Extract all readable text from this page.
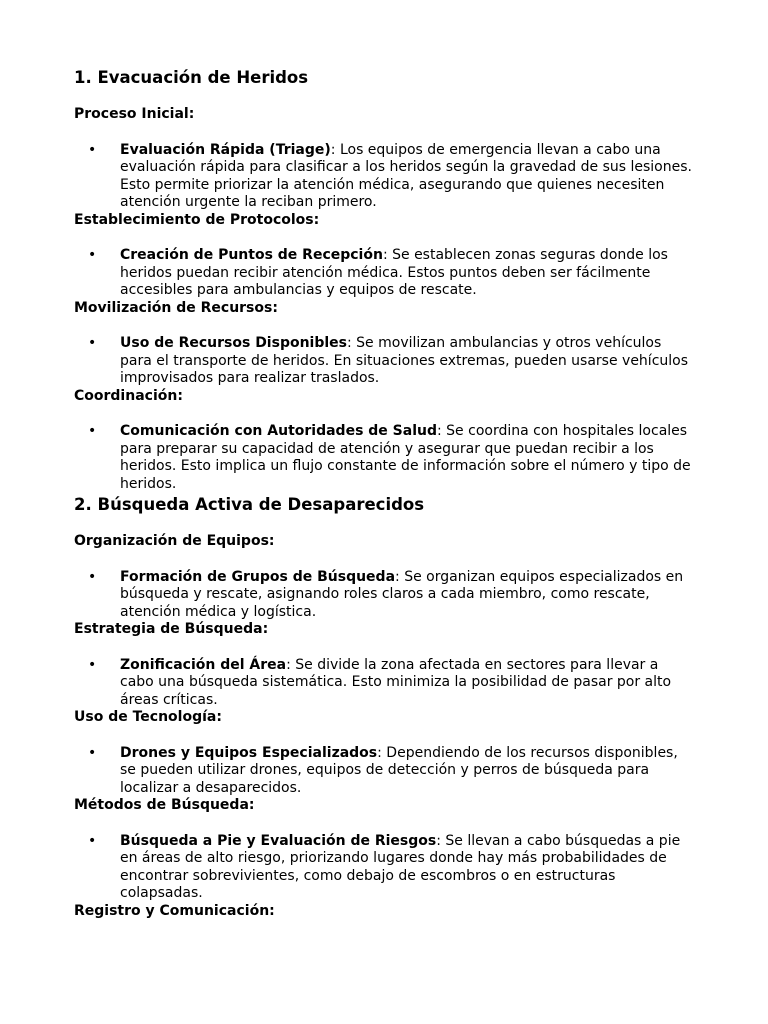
1. Evacuación de Heridos
Proceso Inicial:
• Evaluación Rápida (Triage): Los equipos de emergencia llevan a cabo una evaluación rápida para clasificar a los heridos según la gravedad de sus lesiones. Esto permite priorizar la atención médica, asegurando que quienes necesiten atención urgente la reciban primero.
Establecimiento de Protocolos:
• Creación de Puntos de Recepción: Se establecen zonas seguras donde los heridos puedan recibir atención médica. Estos puntos deben ser fácilmente accesibles para ambulancias y equipos de rescate.
Movilización de Recursos:
• Uso de Recursos Disponibles: Se movilizan ambulancias y otros vehículos para el transporte de heridos. En situaciones extremas, pueden usarse vehículos improvisados para realizar traslados.
Coordinación:
• Comunicación con Autoridades de Salud: Se coordina con hospitales locales para preparar su capacidad de atención y asegurar que puedan recibir a los heridos. Esto implica un flujo constante de información sobre el número y tipo de heridos.
2. Búsqueda Activa de Desaparecidos
Organización de Equipos:
• Formación de Grupos de Búsqueda: Se organizan equipos especializados en búsqueda y rescate, asignando roles claros a cada miembro, como rescate, atención médica y logística.
Estrategia de Búsqueda:
• Zonificación del Área: Se divide la zona afectada en sectores para llevar a cabo una búsqueda sistemática. Esto minimiza la posibilidad de pasar por alto áreas críticas.
Uso de Tecnología:
• Drones y Equipos Especializados: Dependiendo de los recursos disponibles, se pueden utilizar drones, equipos de detección y perros de búsqueda para localizar a desaparecidos.
Métodos de Búsqueda:
• Búsqueda a Pie y Evaluación de Riesgos: Se llevan a cabo búsquedas a pie en áreas de alto riesgo, priorizando lugares donde hay más probabilidades de encontrar sobrevivientes, como debajo de escombros o en estructuras colapsadas.
Registro y Comunicación:
